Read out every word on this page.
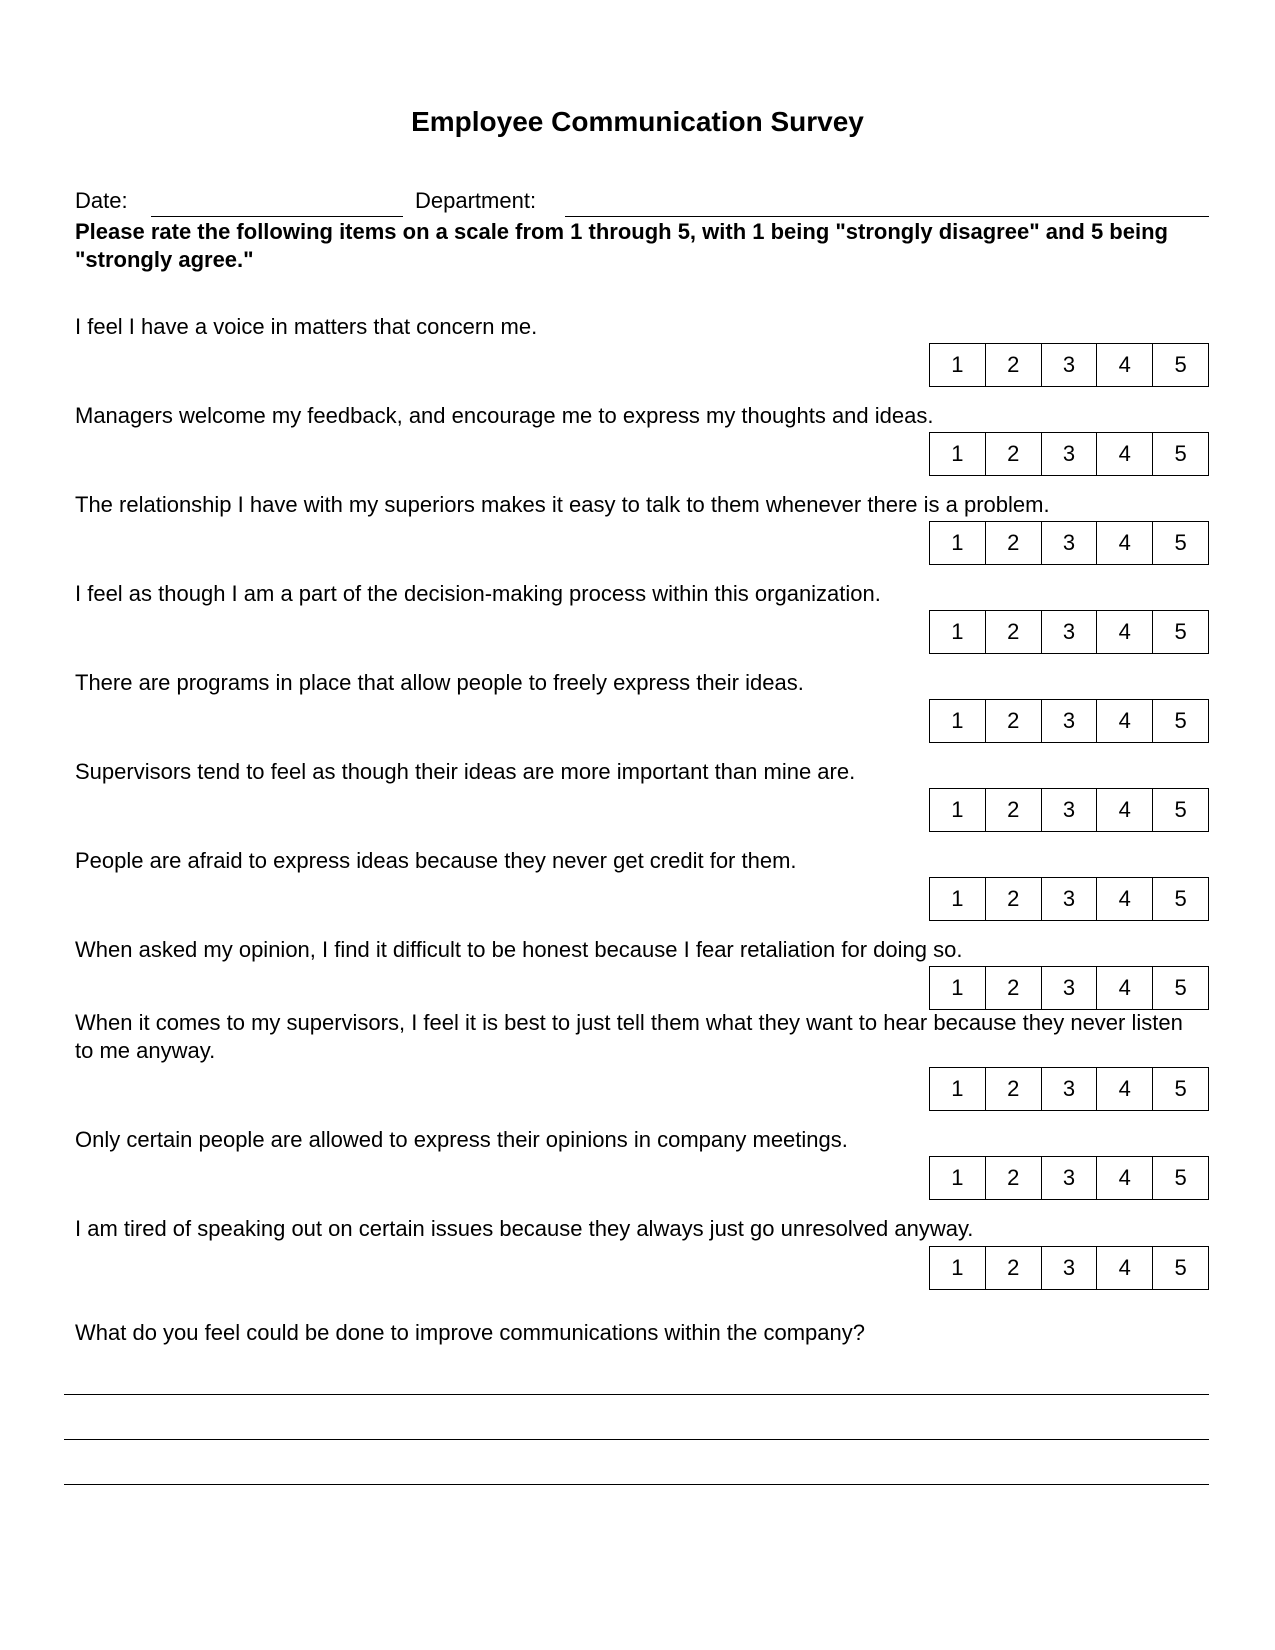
Employee Communication Survey
Date:	Department:

Please rate the following items on a scale from 1 through 5, with 1 being "strongly disagree" and 5 being "strongly agree."

I feel I have a voice in matters that concern me.

1	2	3	4	5

Managers welcome my feedback, and encourage me to express my thoughts and ideas.

1	2	3	4	5

The relationship I have with my superiors makes it easy to talk to them whenever there is a problem.

1	2	3	4	5

I feel as though I am a part of the decision-making process within this organization.

1	2	3	4	5

There are programs in place that allow people to freely express their ideas.

1	2	3	4	5

Supervisors tend to feel as though their ideas are more important than mine are.

1	2	3	4	5

People are afraid to express ideas because they never get credit for them.

1	2	3	4	5

When asked my opinion, I find it difficult to be honest because I fear retaliation for doing so.

1	2	3	4	5

When it comes to my supervisors, I feel it is best to just tell them what they want to hear because they never listen to me anyway.

1	2	3	4	5

Only certain people are allowed to express their opinions in company meetings.

1	2	3	4	5

I am tired of speaking out on certain issues because they always just go unresolved anyway.

1	2	3	4	5

What do you feel could be done to improve communications within the company?
